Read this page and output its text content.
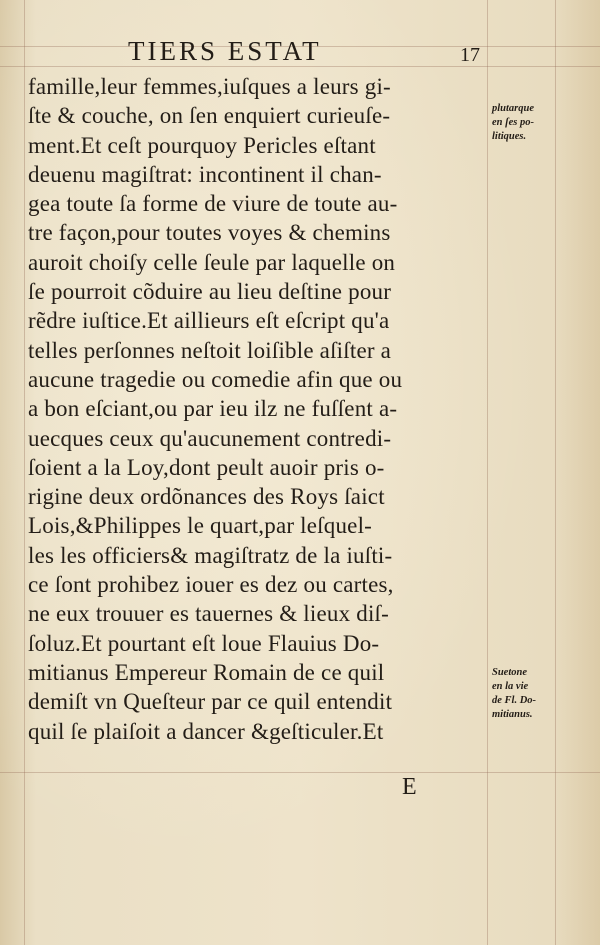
TIERS ESTAT	17
famille,leur femmes,iuſques a leurs gi-
ſte & couche, on ſen enquiert curieuſe-
ment.Et ceſt pourquoy Pericles eſtant
deuenu magiſtrat: incontinent il chan-
gea toute ſa forme de viure de toute au-
tre façon,pour toutes voyes & chemins
auroit choiſy celle ſeule par laquelle on
ſe pourroit cõduire au lieu deſtine pour
rẽdre iuſtice.Et aillieurs eſt eſcript qu'a
telles perſonnes neſtoit loiſible aſiſter a
aucune tragedie ou comedie afin que ou
a bon eſciant,ou par ieu ilz ne fuſſent a-
uecques ceux qu'aucunement contredi-
ſoient a la Loy,dont peult auoir pris o-
rigine deux ordõnances des Roys ſaict
Lois,&Philippes le quart,par leſquel-
les les officiers& magiſtratz de la iuſti-
ce ſont prohibez iouer es dez ou cartes,
ne eux trouuer es tauernes & lieux diſ-
ſoluz.Et pourtant eſt loue Flauius Do-
mitianus Empereur Romain de ce quil
demiſt vn Queſteur par ce quil entendit
quil ſe plaiſoit a dancer &geſticuler.Et
plutarque
en ſes po-
litiques.
Suetone
en la vie
de Fl. Do-
mitianus.
E
